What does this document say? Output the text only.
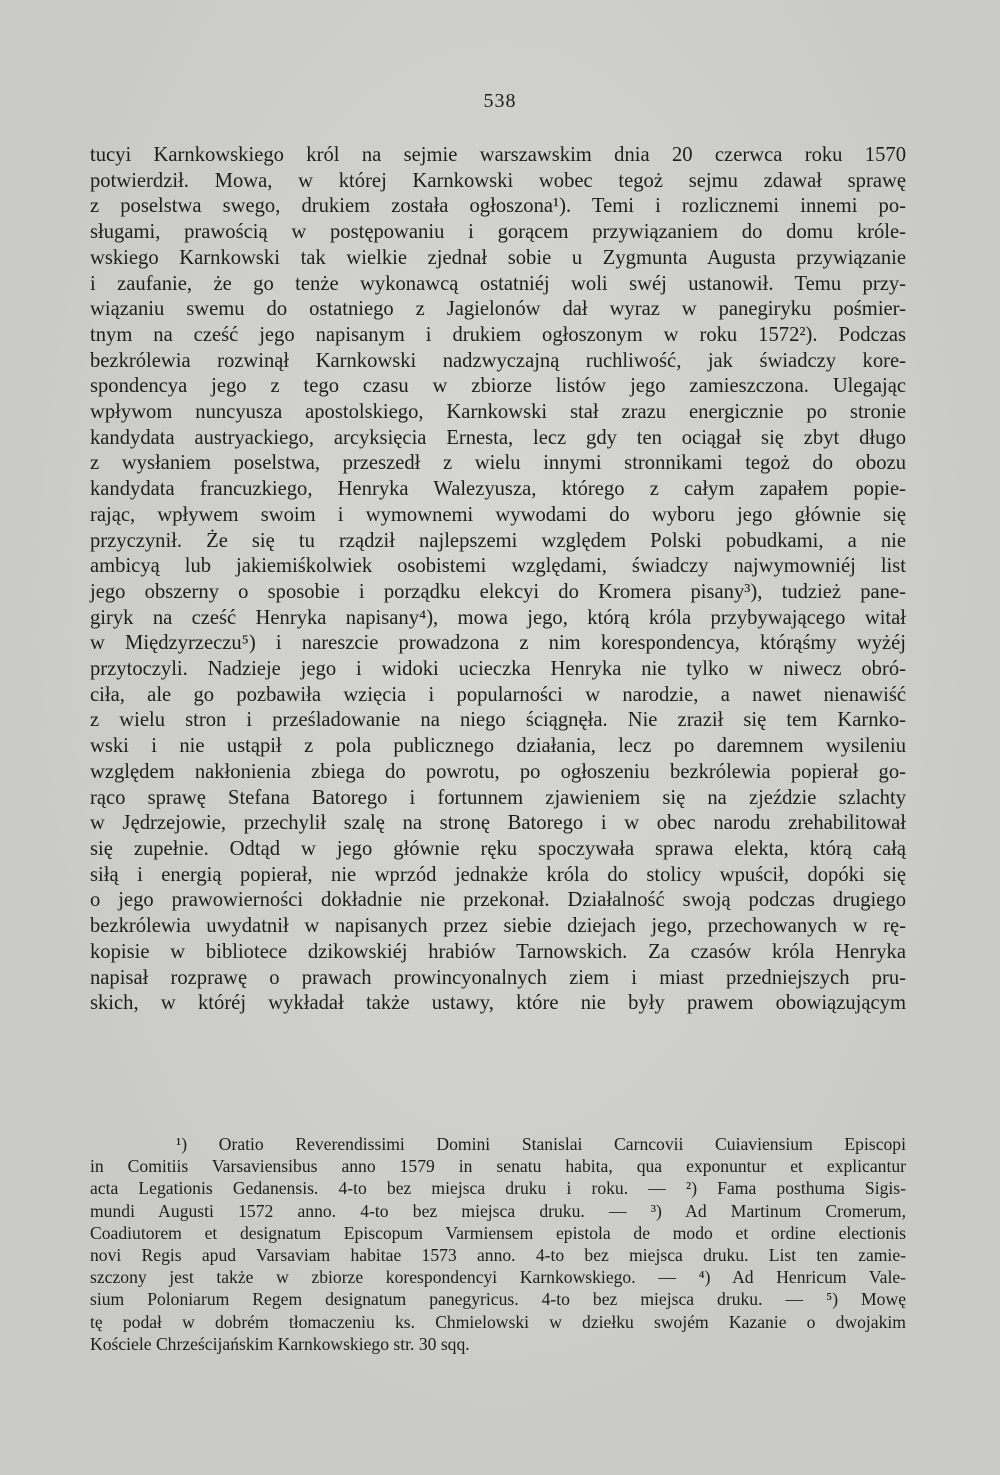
538
tucyi Karnkowskiego król na sejmie warszawskim dnia 20 czerwca roku 1570
potwierdził. Mowa, w której Karnkowski wobec tegoż sejmu zdawał sprawę
z poselstwa swego, drukiem została ogłoszona¹). Temi i rozlicznemi innemi po-
sługami, prawością w postępowaniu i gorącem przywiązaniem do domu króle-
wskiego Karnkowski tak wielkie zjednał sobie u Zygmunta Augusta przywiązanie
i zaufanie, że go tenże wykonawcą ostatniéj woli swéj ustanowił. Temu przy-
wiązaniu swemu do ostatniego z Jagielonów dał wyraz w panegiryku pośmier-
tnym na cześć jego napisanym i drukiem ogłoszonym w roku 1572²). Podczas
bezkrólewia rozwinął Karnkowski nadzwyczajną ruchliwość, jak świadczy kore-
spondencya jego z tego czasu w zbiorze listów jego zamieszczona. Ulegając
wpływom nuncyusza apostolskiego, Karnkowski stał zrazu energicznie po stronie
kandydata austryackiego, arcyksięcia Ernesta, lecz gdy ten ociągał się zbyt długo
z wysłaniem poselstwa, przeszedł z wielu innymi stronnikami tegoż do obozu
kandydata francuzkiego, Henryka Walezyusza, którego z całym zapałem popie-
rając, wpływem swoim i wymownemi wywodami do wyboru jego głównie się
przyczynił. Że się tu rządził najlepszemi względem Polski pobudkami, a nie
ambicyą lub jakiemiśkolwiek osobistemi względami, świadczy najwymowniéj list
jego obszerny o sposobie i porządku elekcyi do Kromera pisany³), tudzież pane-
giryk na cześć Henryka napisany⁴), mowa jego, którą króla przybywającego witał
w Międzyrzeczu⁵) i nareszcie prowadzona z nim korespondencya, którąśmy wyżéj
przytoczyli. Nadzieje jego i widoki ucieczka Henryka nie tylko w niwecz obró-
ciła, ale go pozbawiła wzięcia i popularności w narodzie, a nawet nienawiść
z wielu stron i prześladowanie na niego ściągnęła. Nie zraził się tem Karnko-
wski i nie ustąpił z pola publicznego działania, lecz po daremnem wysileniu
względem nakłonienia zbiega do powrotu, po ogłoszeniu bezkrólewia popierał go-
rąco sprawę Stefana Batorego i fortunnem zjawieniem się na zjeździe szlachty
w Jędrzejowie, przechylił szalę na stronę Batorego i w obec narodu zrehabilitował
się zupełnie. Odtąd w jego głównie ręku spoczywała sprawa elekta, którą całą
siłą i energią popierał, nie wprzód jednakże króla do stolicy wpuścił, dopóki się
o jego prawowierności dokładnie nie przekonał. Działalność swoją podczas drugiego
bezkrólewia uwydatnił w napisanych przez siebie dziejach jego, przechowanych w rę-
kopisie w bibliotece dzikowskiéj hrabiów Tarnowskich. Za czasów króla Henryka
napisał rozprawę o prawach prowincyonalnych ziem i miast przedniejszych pru-
skich, w któréj wykładał także ustawy, które nie były prawem obowiązującym
¹) Oratio Reverendissimi Domini Stanislai Carncovii Cuiaviensium Episcopi
in Comitiis Varsaviensibus anno 1579 in senatu habita, qua exponuntur et explicantur
acta Legationis Gedanensis. 4-to bez miejsca druku i roku. — ²) Fama posthuma Sigis-
mundi Augusti 1572 anno. 4-to bez miejsca druku. — ³) Ad Martinum Cromerum,
Coadiutorem et designatum Episcopum Varmiensem epistola de modo et ordine electionis
novi Regis apud Varsaviam habitae 1573 anno. 4-to bez miejsca druku. List ten zamie-
szczony jest także w zbiorze korespondencyi Karnkowskiego. — ⁴) Ad Henricum Vale-
sium Poloniarum Regem designatum panegyricus. 4-to bez miejsca druku. — ⁵) Mowę
tę podał w dobrém tłomaczeniu ks. Chmielowski w dziełku swojém Kazanie o dwojakim
Kościele Chrześcijańskim Karnkowskiego str. 30 sqq.
